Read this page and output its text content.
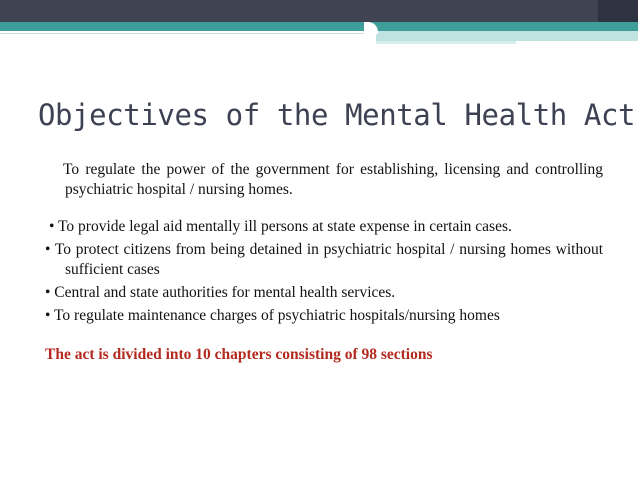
Objectives of the Mental Health Act

To regulate the power of the government for establishing, licensing and controlling psychiatric hospital / nursing homes.

• To provide legal aid mentally ill persons at state expense in certain cases.

• To protect citizens from being detained in psychiatric hospital / nursing homes without sufficient cases

• Central and state authorities for mental health services.

• To regulate maintenance charges of psychiatric hospitals/nursing homes

The act is divided into 10 chapters consisting of 98 sections
